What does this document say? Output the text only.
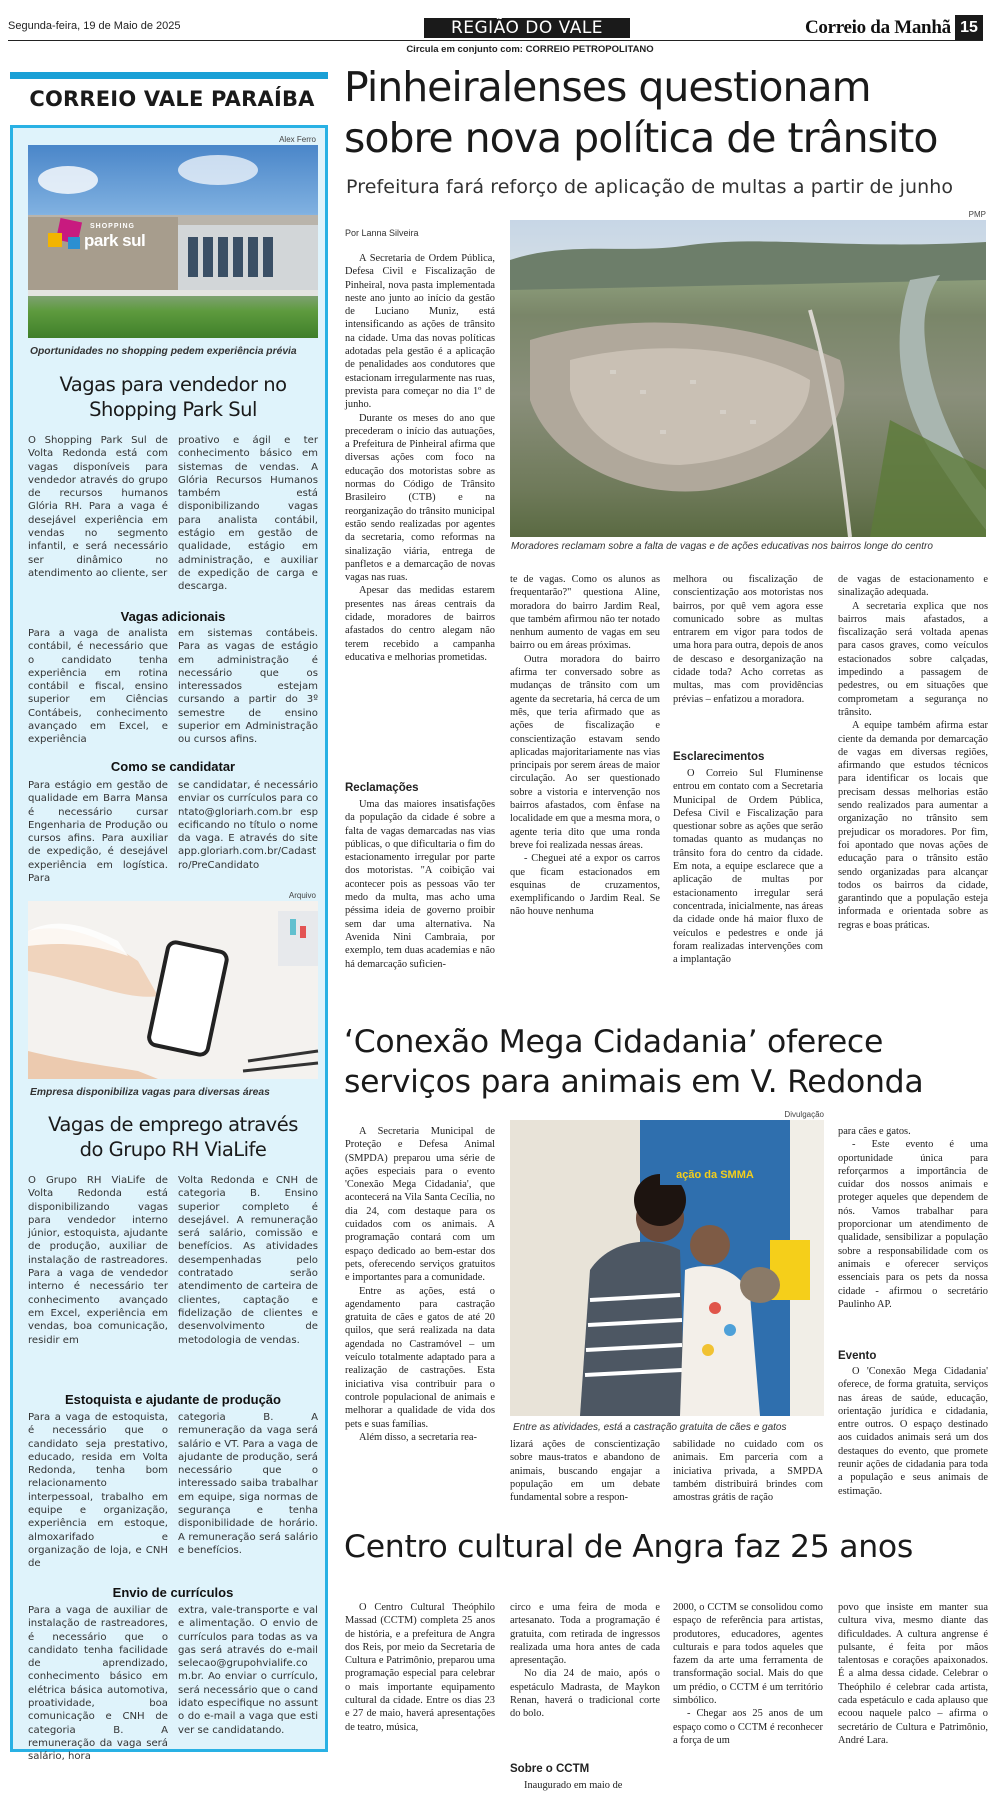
Segunda-feira, 19 de Maio de 2025	REGIÃO DO VALE
Circula em conjunto com: CORREIO PETROPOLITANO
Correio da Manhã 15
CORREIO VALE PARAÍBA
Alex Ferro
SHOPPING
park sul
Oportunidades no shopping pedem experiência prévia
Vagas para vendedor no
Shopping Park Sul
O Shopping Park Sul de Volta Redonda está com vagas disponíveis para vendedor através do grupo de recursos humanos Glória RH. Para a vaga é desejável experiência em vendas no segmento infantil, e será necessário ser dinâmico no atendimento ao cliente, ser
proativo e ágil e ter conhecimento básico em sistemas de vendas. A Glória Recursos Humanos também está disponibilizando vagas para analista contábil, estágio em gestão de qualidade, estágio em administração, e auxiliar de expedição de carga e descarga.
Vagas adicionais
Para a vaga de analista contábil, é necessário que o candidato tenha experiência em rotina contábil e fiscal, ensino superior em Ciências Contábeis, conhecimento avançado em Excel, e experiência
em sistemas contábeis. Para as vagas de estágio em administração é necessário que os interessados estejam cursando a partir do 3º semestre de ensino superior em Administração ou cursos afins.
Como se candidatar
Para estágio em gestão de qualidade em Barra Mansa é necessário cursar Engenharia de Produção ou cursos afins. Para auxiliar de expedição, é desejável experiência em logística. Para
se candidatar, é necessário enviar os currículos para contato@gloriarh.com.br especificando no título o nome da vaga. E através do site app.gloriarh.com.br/Cadastro/PreCandidato
Arquivo
Empresa disponibiliza vagas para diversas áreas
Vagas de emprego através
do Grupo RH ViaLife
O Grupo RH ViaLife de Volta Redonda está disponibilizando vagas para vendedor interno júnior, estoquista, ajudante de produção, auxiliar de instalação de rastreadores. Para a vaga de vendedor interno é necessário ter conhecimento avançado em Excel, experiência em vendas, boa comunicação, residir em
Volta Redonda e CNH de categoria B. Ensino superior completo é desejável. A remuneração será salário, comissão e benefícios. As atividades desempenhadas pelo contratado serão atendimento de carteira de clientes, captação e fidelização de clientes e desenvolvimento de metodologia de vendas.
Estoquista e ajudante de produção
Para a vaga de estoquista, é necessário que o candidato seja prestativo, educado, resida em Volta Redonda, tenha bom relacionamento interpessoal, trabalho em equipe e organização, experiência em estoque, almoxarifado e organização de loja, e CNH de
categoria B. A remuneração da vaga será salário e VT. Para a vaga de ajudante de produção, será necessário que o interessado saiba trabalhar em equipe, siga normas de segurança e tenha disponibilidade de horário. A remuneração será salário e benefícios.
Envio de currículos
Para a vaga de auxiliar de instalação de rastreadores, é necessário que o candidato tenha facilidade de aprendizado, conhecimento básico em elétrica básica automotiva, proatividade, boa comunicação e CNH de categoria B. A remuneração da vaga será salário, hora
extra, vale-transporte e vale alimentação. O envio de currículos para todas as vagas será através do e-mail selecao@grupohvialife.com.br. Ao enviar o currículo, será necessário que o candidato especifique no assunto do e-mail a vaga que estiver se candidatando.
Pinheiralenses questionam
sobre nova política de trânsito
Prefeitura fará reforço de aplicação de multas a partir de junho
Por Lanna Silveira
PMP
Moradores reclamam sobre a falta de vagas e de ações educativas nos bairros longe do centro

A Secretaria de Ordem Pública, Defesa Civil e Fiscalização de Pinheiral, nova pasta implementada neste ano junto ao início da gestão de Luciano Muniz, está intensificando as ações de trânsito na cidade. Uma das novas políticas adotadas pela gestão é a aplicação de penalidades aos condutores que estacionam irregularmente nas ruas, prevista para começar no dia 1º de junho.

Durante os meses do ano que precederam o início das autuações, a Prefeitura de Pinheiral afirma que diversas ações com foco na educação dos motoristas sobre as normas do Código de Trânsito Brasileiro (CTB) e na reorganização do trânsito municipal estão sendo realizadas por agentes da secretaria, como reformas na sinalização viária, entrega de panfletos e a demarcação de novas vagas nas ruas.

Apesar das medidas estarem presentes nas áreas centrais da cidade, moradores de bairros afastados do centro alegam não terem recebido a campanha educativa e melhorias prometidas.

Reclamações

Uma das maiores insatisfações da população da cidade é sobre a falta de vagas demarcadas nas vias públicas, o que dificultaria o fim do estacionamento irregular por parte dos motoristas. "A coibição vai acontecer pois as pessoas vão ter medo da multa, mas acho uma péssima ideia de governo proibir sem dar uma alternativa. Na Avenida Nini Cambraia, por exemplo, tem duas academias e não há demarcação suficien-

te de vagas. Como os alunos as frequentarão?" questiona Aline, moradora do bairro Jardim Real, que também afirmou não ter notado nenhum aumento de vagas em seu bairro ou em áreas próximas.

Outra moradora do bairro afirma ter conversado sobre as mudanças de trânsito com um agente da secretaria, há cerca de um mês, que teria afirmado que as ações de fiscalização e conscientização estavam sendo aplicadas majoritariamente nas vias principais por serem áreas de maior circulação. Ao ser questionado sobre a vistoria e intervenção nos bairros afastados, com ênfase na localidade em que a mesma mora, o agente teria dito que uma ronda breve foi realizada nessas áreas.

- Cheguei até a expor os carros que ficam estacionados em esquinas de cruzamentos, exemplificando o Jardim Real. Se não houve nenhuma

melhora ou fiscalização de conscientização aos motoristas nos bairros, por quê vem agora esse comunicado sobre as multas entrarem em vigor para todos de uma hora para outra, depois de anos de descaso e desorganização na cidade toda? Acho corretas as multas, mas com providências prévias – enfatizou a moradora.

Esclarecimentos

O Correio Sul Fluminense entrou em contato com a Secretaria Municipal de Ordem Pública, Defesa Civil e Fiscalização para questionar sobre as ações que serão tomadas quanto as mudanças no trânsito fora do centro da cidade. Em nota, a equipe esclarece que a aplicação de multas por estacionamento irregular será concentrada, inicialmente, nas áreas da cidade onde há maior fluxo de veículos e pedestres e onde já foram realizadas intervenções com a implantação

de vagas de estacionamento e sinalização adequada.

A secretaria explica que nos bairros mais afastados, a fiscalização será voltada apenas para casos graves, como veículos estacionados sobre calçadas, impedindo a passagem de pedestres, ou em situações que comprometam a segurança no trânsito.

A equipe também afirma estar ciente da demanda por demarcação de vagas em diversas regiões, afirmando que estudos técnicos para identificar os locais que precisam dessas melhorias estão sendo realizados para aumentar a organização no trânsito sem prejudicar os moradores. Por fim, foi apontado que novas ações de educação para o trânsito estão sendo organizadas para alcançar todos os bairros da cidade, garantindo que a população esteja informada e orientada sobre as regras e boas práticas.

‘Conexão Mega Cidadania’ oferece
serviços para animais em V. Redonda
Divulgação
ação da SMMA
Entre as atividades, está a castração gratuita de cães e gatos

A Secretaria Municipal de Proteção e Defesa Animal (SMPDA) preparou uma série de ações especiais para o evento 'Conexão Mega Cidadania', que acontecerá na Vila Santa Cecília, no dia 24, com destaque para os cuidados com os animais. A programação contará com um espaço dedicado ao bem-estar dos pets, oferecendo serviços gratuitos e importantes para a comunidade.

Entre as ações, está o agendamento para castração gratuita de cães e gatos de até 20 quilos, que será realizada na data agendada no Castramóvel – um veículo totalmente adaptado para a realização de castrações. Esta iniciativa visa contribuir para o controle populacional de animais e melhorar a qualidade de vida dos pets e suas famílias.

Além disso, a secretaria rea-

lizará ações de conscientização sobre maus-tratos e abandono de animais, buscando engajar a população em um debate fundamental sobre a respon-

sabilidade no cuidado com os animais. Em parceria com a iniciativa privada, a SMPDA também distribuirá brindes com amostras grátis de ração

para cães e gatos.

- Este evento é uma oportunidade única para reforçarmos a importância de cuidar dos nossos animais e proteger aqueles que dependem de nós. Vamos trabalhar para proporcionar um atendimento de qualidade, sensibilizar a população sobre a responsabilidade com os animais e oferecer serviços essenciais para os pets da nossa cidade - afirmou o secretário Paulinho AP.

Evento

O 'Conexão Mega Cidadania' oferece, de forma gratuita, serviços nas áreas de saúde, educação, orientação jurídica e cidadania, entre outros. O espaço destinado aos cuidados animais será um dos destaques do evento, que promete reunir ações de cidadania para toda a população e seus animais de estimação.

Centro cultural de Angra faz 25 anos

O Centro Cultural Theóphilo Massad (CCTM) completa 25 anos de história, e a prefeitura de Angra dos Reis, por meio da Secretaria de Cultura e Patrimônio, preparou uma programação especial para celebrar o mais importante equipamento cultural da cidade. Entre os dias 23 e 27 de maio, haverá apresentações de teatro, música,

circo e uma feira de moda e artesanato. Toda a programação é gratuita, com retirada de ingressos realizada uma hora antes de cada apresentação.

No dia 24 de maio, após o espetáculo Madrasta, de Maykon Renan, haverá o tradicional corte do bolo.

Sobre o CCTM

Inaugurado em maio de

2000, o CCTM se consolidou como espaço de referência para artistas, produtores, educadores, agentes culturais e para todos aqueles que fazem da arte uma ferramenta de transformação social. Mais do que um prédio, o CCTM é um território simbólico.

- Chegar aos 25 anos de um espaço como o CCTM é reconhecer a força de um

povo que insiste em manter sua cultura viva, mesmo diante das dificuldades. A cultura angrense é pulsante, é feita por mãos talentosas e corações apaixonados. É a alma dessa cidade. Celebrar o Theóphilo é celebrar cada artista, cada espetáculo e cada aplauso que ecoou naquele palco – afirma o secretário de Cultura e Patrimônio, André Lara.
